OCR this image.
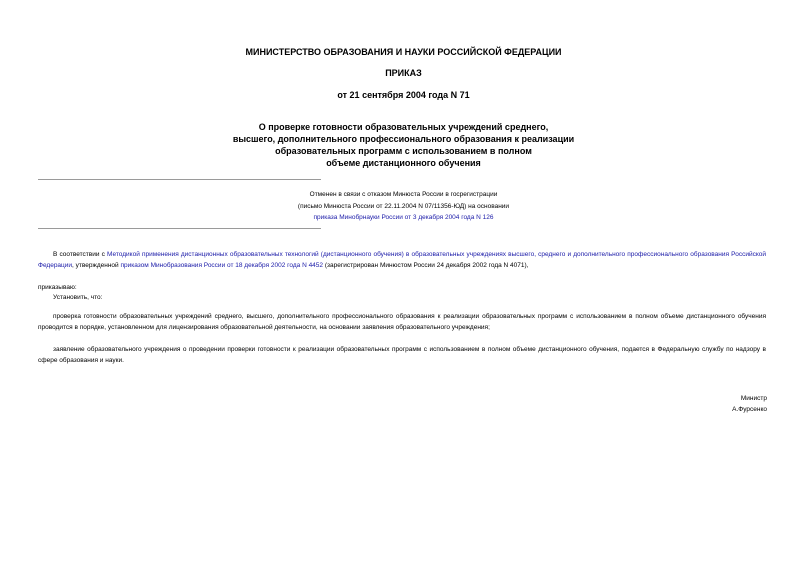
МИНИСТЕРСТВО ОБРАЗОВАНИЯ И НАУКИ РОССИЙСКОЙ ФЕДЕРАЦИИ
ПРИКАЗ
от 21 сентября 2004 года N 71
О проверке готовности образовательных учреждений среднего,
высшего, дополнительного профессионального образования к реализации
образовательных программ с использованием в полном
объеме дистанционного обучения
Отменен в связи с отказом Минюста России в госрегистрации
(письмо Минюста России от 22.11.2004 N 07/11356-ЮД) на основании
приказа Минобрнауки России от 3 декабря 2004 года N 126
В соответствии с Методикой применения дистанционных образовательных технологий (дистанционного обучения) в образовательных учреждениях высшего, среднего и дополнительного профессионального образования Российской Федерации, утвержденной приказом Минобразования России от 18 декабря 2002 года N 4452 (зарегистрирован Минюстом России 24 декабря 2002 года N 4071),
приказываю:
Установить, что:
проверка готовности образовательных учреждений среднего, высшего, дополнительного профессионального образования к реализации образовательных программ с использованием в полном объеме дистанционного обучения проводится в порядке, установленном для лицензирования образовательной деятельности, на основании заявления образовательного учреждения;
заявление образовательного учреждения о проведении проверки готовности к реализации образовательных программ с использованием в полном объеме дистанционного обучения, подается в Федеральную службу по надзору в сфере образования и науки.
Министр
А.Фурсенко
